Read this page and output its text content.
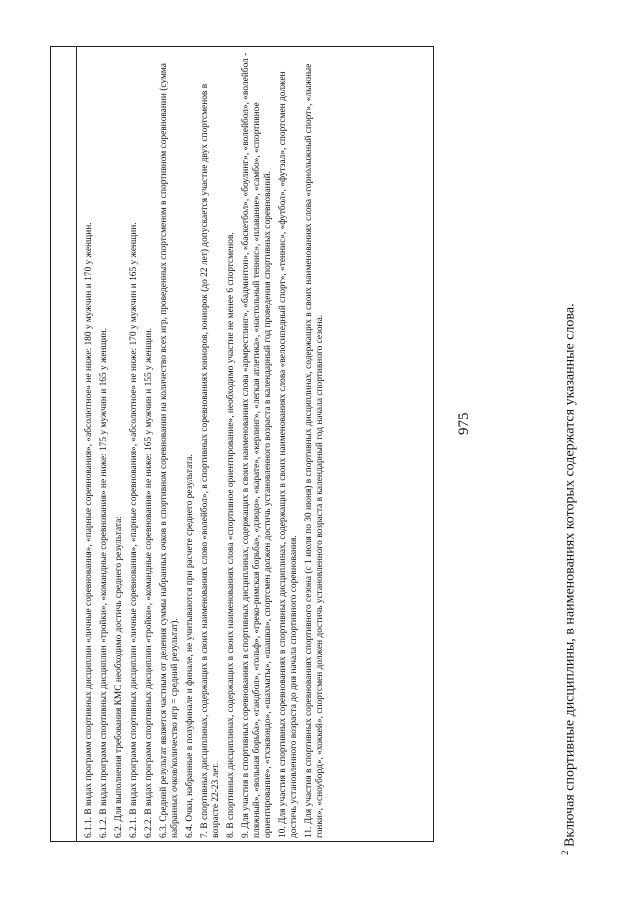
975

6.1.1. В видах программ спортивных дисциплин «личные соревнования», «парные соревнования», «абсолютное» не ниже: 180 у мужчин и 170 у женщин. 6.1.2. В видах программ спортивных дисциплин «тройки», «командные соревнования» не ниже: 175 у мужчин и 165 у женщин. 6.2. Для выполнения требования КМС необходимо достичь среднего результата: 6.2.1. В видах программ спортивных дисциплин «личные соревнования», «парные соревнования», «абсолютное» не ниже: 170 у мужчин и 165 у женщин. 6.2.2. В видах программ спортивных дисциплин «тройки», «командные соревнования» не ниже: 165 у мужчин и 155 у женщин. 6.3. Средний результат является частным от деления суммы набранных очков в спортивном соревновании на количество всех игр, проведенных спортсменом в спортивном соревновании (сумма набранных очков/количество игр = средний результат). 6.4. Очки, набранные в полуфинале и финале, не учитываются при расчете среднего результата. 7. В спортивных дисциплинах, содержащих в своих наименованиях слово «волейбол», в спортивных соревнованиях юниоров, юниорок (до 22 лет) допускается участие двух спортсменов в возрасте 22-23 лет. 8. В спортивных дисциплинах, содержащих в своих наименованиях слова «спортивное ориентирование», необходимо участие не менее 6 спортсменов. 9. Для участия в спортивных соревнованиях в спортивных дисциплинах, содержащих в своих наименованиях слова «армрестлинг», «бадминтон», «баскетбол», «боулинг», «волейбол», «волейбол - пляжный», «вольная борьба», «гандбол», «гольф», «греко-римская борьба», «дзюдо», «карате», «керлинг», «легкая атлетика», «настольный теннис», «плавание», «самбо», «спортивное ориентирование», «тхэквондо», «шахматы», «шашки», спортсмен должен достичь установленного возраста в календарный год проведения спортивных соревнований. 10. Для участия в спортивных соревнованиях в спортивных дисциплинах, содержащих в своих наименованиях слова «велосипедный спорт», «теннис», «футбол», «футзал», спортсмен должен достичь установленного возраста до дня начала спортивного соревнования. 11. Для участия в спортивных соревнованиях спортивного сезона (с 1 июля по 30 июня) в спортивных дисциплинах, содержащих в своих наименованиях слова «горнолыжный спорт», «лыжные гонки», «сноуборд», «хоккей», спортсмен должен достичь установленного возраста в календарный год начала спортивного сезона.

$^2$ Включая спортивные дисциплины, в наименованиях которых содержатся указанные слова.
